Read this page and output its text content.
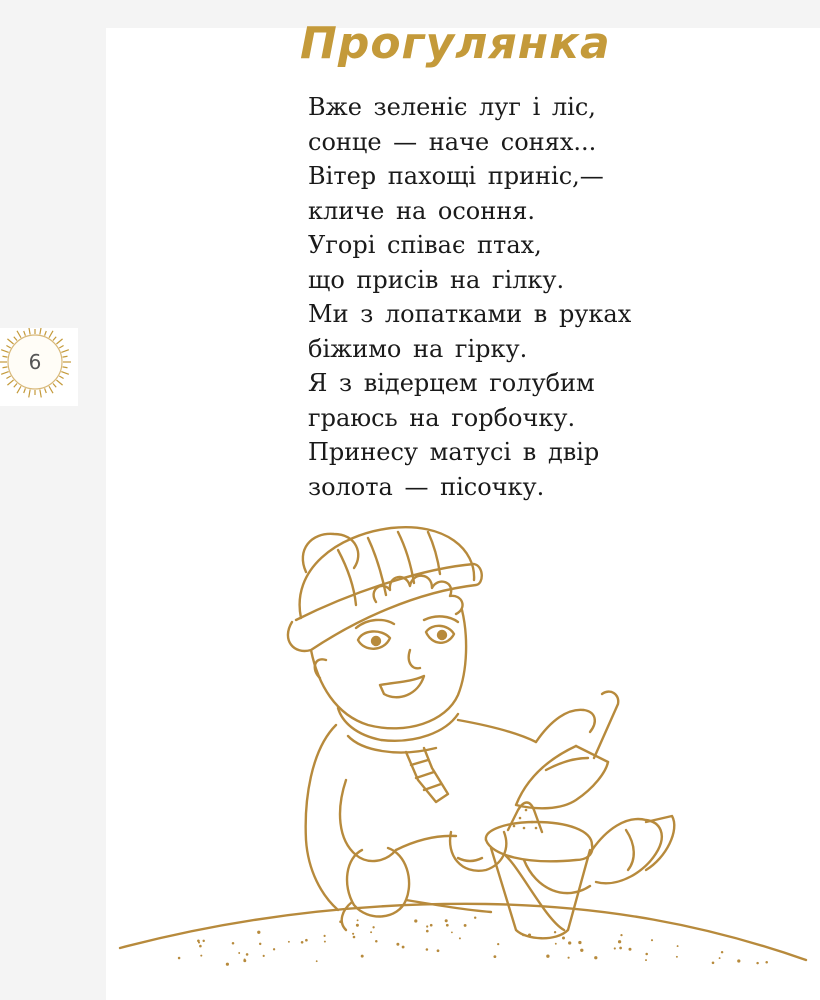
6
Прогулянка
Вже зеленіє луг і ліс,
сонце — наче сонях...
Вітер пахощі приніс,—
кличе на осоння.
Угорі співає птах,
що присів на гілку.
Ми з лопатками в руках
біжимо на гірку.
Я з відерцем голубим
граюсь на горбочку.
Принесу матусі в двір
золота — пісочку.
